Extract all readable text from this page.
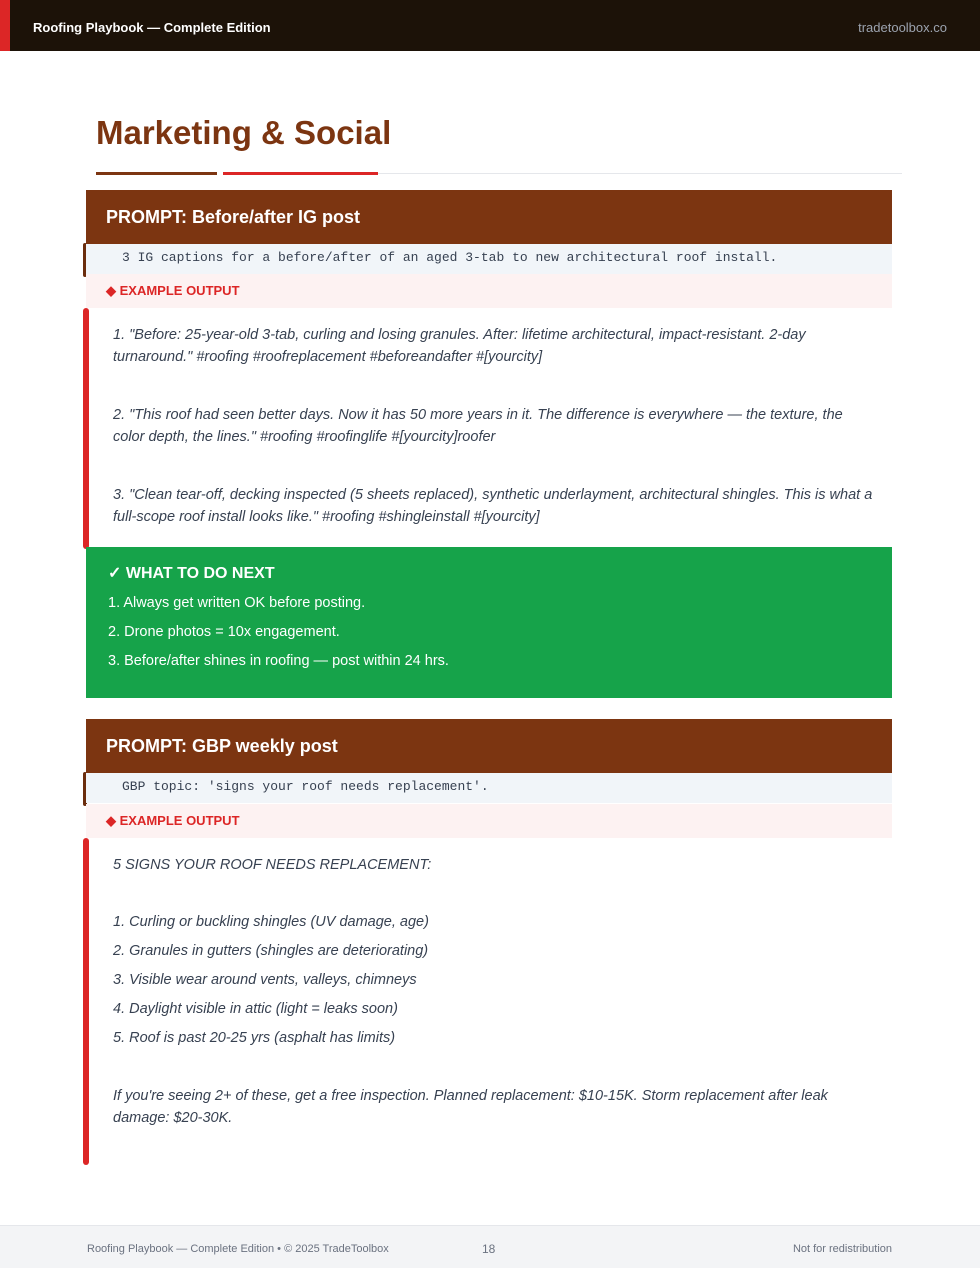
Roofing Playbook — Complete Edition	tradetoolbox.co
Marketing & Social
PROMPT: Before/after IG post
3 IG captions for a before/after of an aged 3-tab to new architectural roof install.
◆ EXAMPLE OUTPUT

1. "Before: 25-year-old 3-tab, curling and losing granules. After: lifetime architectural, impact-resistant. 2-day turnaround." #roofing #roofreplacement #beforeandafter #[yourcity]

2. "This roof had seen better days. Now it has 50 more years in it. The difference is everywhere — the texture, the color depth, the lines." #roofing #roofinglife #[yourcity]roofer

3. "Clean tear-off, decking inspected (5 sheets replaced), synthetic underlayment, architectural shingles. This is what a full-scope roof install looks like." #roofing #shingleinstall #[yourcity]

✓ WHAT TO DO NEXT
1. Always get written OK before posting.
2. Drone photos = 10x engagement.
3. Before/after shines in roofing — post within 24 hrs.
PROMPT: GBP weekly post
GBP topic: 'signs your roof needs replacement'.
◆ EXAMPLE OUTPUT

5 SIGNS YOUR ROOF NEEDS REPLACEMENT:

1. Curling or buckling shingles (UV damage, age)

2. Granules in gutters (shingles are deteriorating)

3. Visible wear around vents, valleys, chimneys

4. Daylight visible in attic (light = leaks soon)

5. Roof is past 20-25 yrs (asphalt has limits)

If you're seeing 2+ of these, get a free inspection. Planned replacement: $10-15K. Storm replacement after leak damage: $20-30K.

Roofing Playbook — Complete Edition • © 2025 TradeToolbox	18	Not for redistribution
